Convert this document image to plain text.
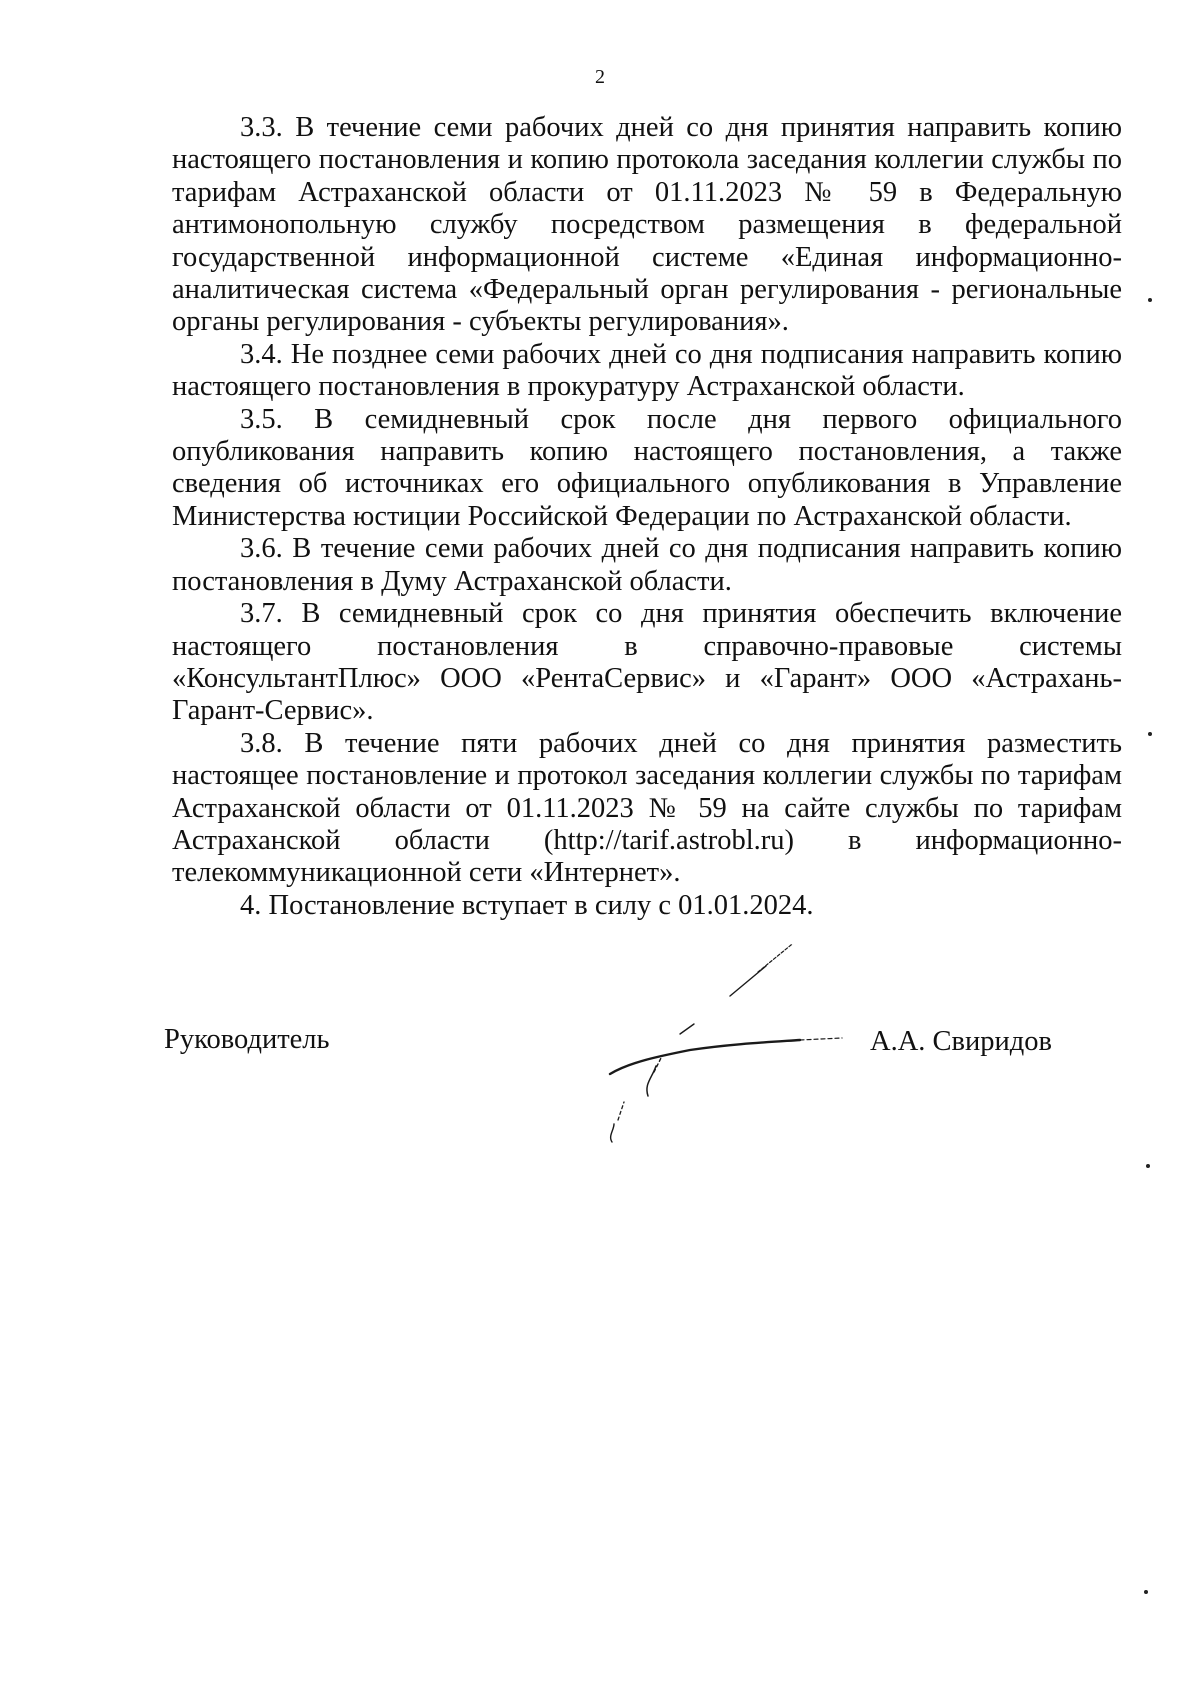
2

3.3. В течение семи рабочих дней со дня принятия направить копию настоящего постановления и копию протокола заседания коллегии службы по тарифам Астраханской области от 01.11.2023 № 59 в Федеральную антимонопольную службу посредством размещения в федеральной государственной информационной системе «Единая информационно-аналитическая система «Федеральный орган регулирования - региональные органы регулирования - субъекты регулирования».

3.4. Не позднее семи рабочих дней со дня подписания направить копию настоящего постановления в прокуратуру Астраханской области.

3.5. В семидневный срок после дня первого официального опубликования направить копию настоящего постановления, а также сведения об источниках его официального опубликования в Управление Министерства юстиции Российской Федерации по Астраханской области.

3.6. В течение семи рабочих дней со дня подписания направить копию постановления в Думу Астраханской области.

3.7. В семидневный срок со дня принятия обеспечить включение настоящего постановления в справочно-правовые системы «КонсультантПлюс» ООО «РентаСервис» и «Гарант» ООО «Астрахань-Гарант-Сервис».

3.8. В течение пяти рабочих дней со дня принятия разместить настоящее постановление и протокол заседания коллегии службы по тарифам Астраханской области от 01.11.2023 № 59 на сайте службы по тарифам Астраханской области (http://tarif.astrobl.ru) в информационно-телекоммуникационной сети «Интернет».

4. Постановление вступает в силу с 01.01.2024.

Руководитель	А.А. Свиридов
